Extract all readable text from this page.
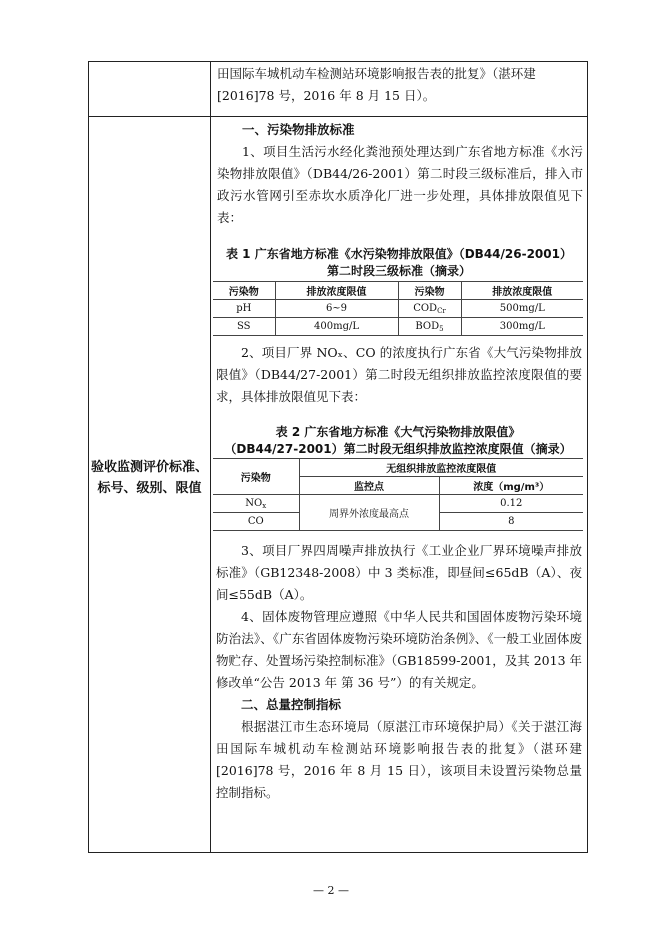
验收监测评价标准、标号、级别、限值

田国际车城机动车检测站环境影响报告表的批复》（湛环建

[2016]78 号，2016 年 8 月 15 日）。

一、污染物排放标准

1、项目生活污水经化粪池预处理达到广东省地方标准《水污染物排放限值》（DB44/26-2001）第二时段三级标准后，排入市政污水管网引至赤坎水质净化厂进一步处理，具体排放限值见下表：

表 1 广东省地方标准《水污染物排放限值》（DB44/26-2001）
第二时段三级标准（摘录）
污染物	排放浓度限值	污染物	排放浓度限值
pH	6~9	$COD_{Cr}$	500mg/L
SS	400mg/L	$BOD_5$	300mg/L

2、项目厂界 NOₓ、CO 的浓度执行广东省《大气污染物排放限值》（DB44/27-2001）第二时段无组织排放监控浓度限值的要求，具体排放限值见下表：

表 2 广东省地方标准《大气污染物排放限值》
（DB44/27-2001）第二时段无组织排放监控浓度限值（摘录）
污染物	无组织排放监控浓度限值	
	监控点	浓度（mg/m³）
$NO_x$	周界外浓度最高点	0.12
CO		8

3、项目厂界四周噪声排放执行《工业企业厂界环境噪声排放标准》（GB12348-2008）中 3 类标准，即昼间≤65dB（A）、夜间≤55dB（A）。

4、固体废物管理应遵照《中华人民共和国固体废物污染环境防治法》、《广东省固体废物污染环境防治条例》、《一般工业固体废物贮存、处置场污染控制标准》（GB18599-2001，及其 2013 年修改单“公告 2013 年 第 36 号”）的有关规定。

二、总量控制指标

根据湛江市生态环境局（原湛江市环境保护局）《关于湛江海田国际车城机动车检测站环境影响报告表的批复》（湛环建[2016]78 号，2016 年 8 月 15 日），该项目未设置污染物总量控制指标。

— 2 —
